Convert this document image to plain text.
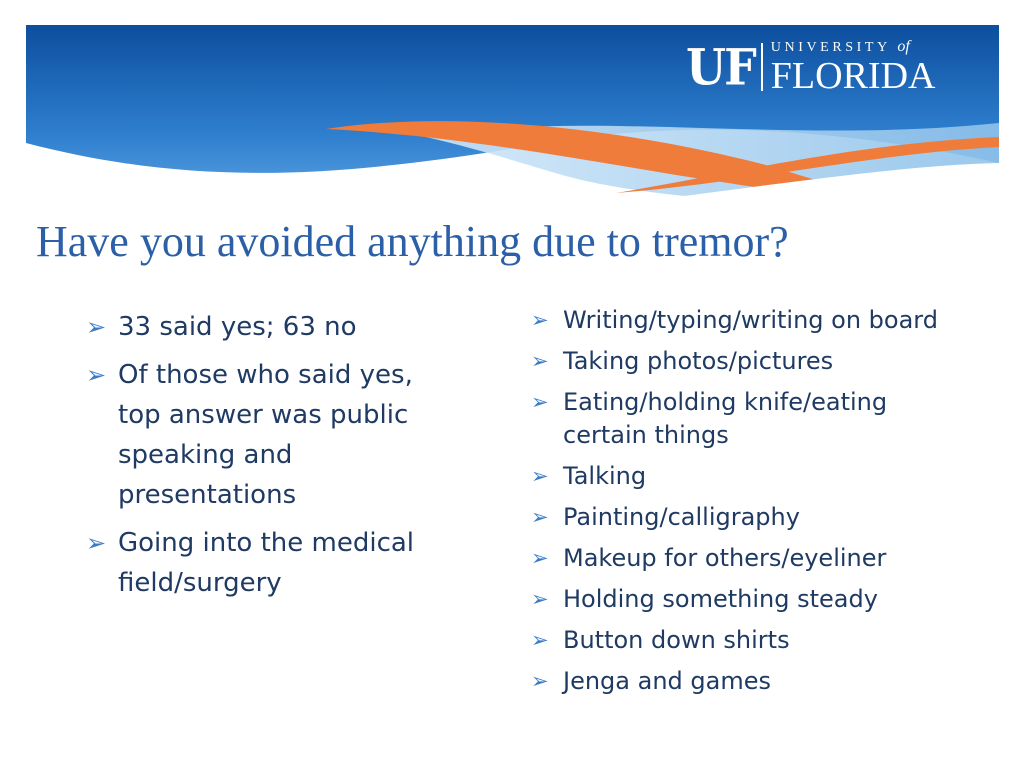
UF UNIVERSITY of
FLORIDA
Have you avoided anything due to tremor?
➢ 33 said yes; 63 no
➢ Of those who said yes, top answer was public speaking and presentations
➢ Going into the medical field/surgery
➢ Writing/typing/writing on board
➢ Taking photos/pictures
➢ Eating/holding knife/eating certain things
➢ Talking
➢ Painting/calligraphy
➢ Makeup for others/eyeliner
➢ Holding something steady
➢ Button down shirts
➢ Jenga and games
